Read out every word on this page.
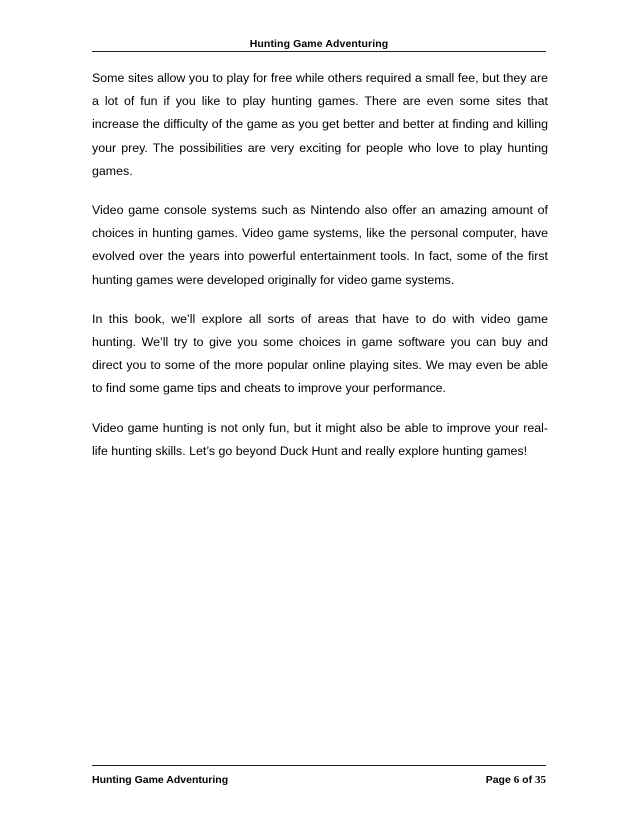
Hunting Game Adventuring

Some sites allow you to play for free while others required a small fee, but they are a lot of fun if you like to play hunting games. There are even some sites that increase the difficulty of the game as you get better and better at finding and killing your prey. The possibilities are very exciting for people who love to play hunting games.

Video game console systems such as Nintendo also offer an amazing amount of choices in hunting games. Video game systems, like the personal computer, have evolved over the years into powerful entertainment tools. In fact, some of the first hunting games were developed originally for video game systems.

In this book, we’ll explore all sorts of areas that have to do with video game hunting. We’ll try to give you some choices in game software you can buy and direct you to some of the more popular online playing sites. We may even be able to find some game tips and cheats to improve your performance.

Video game hunting is not only fun, but it might also be able to improve your real-life hunting skills. Let’s go beyond Duck Hunt and really explore hunting games!

Hunting Game Adventuring	Page 6 of 35
